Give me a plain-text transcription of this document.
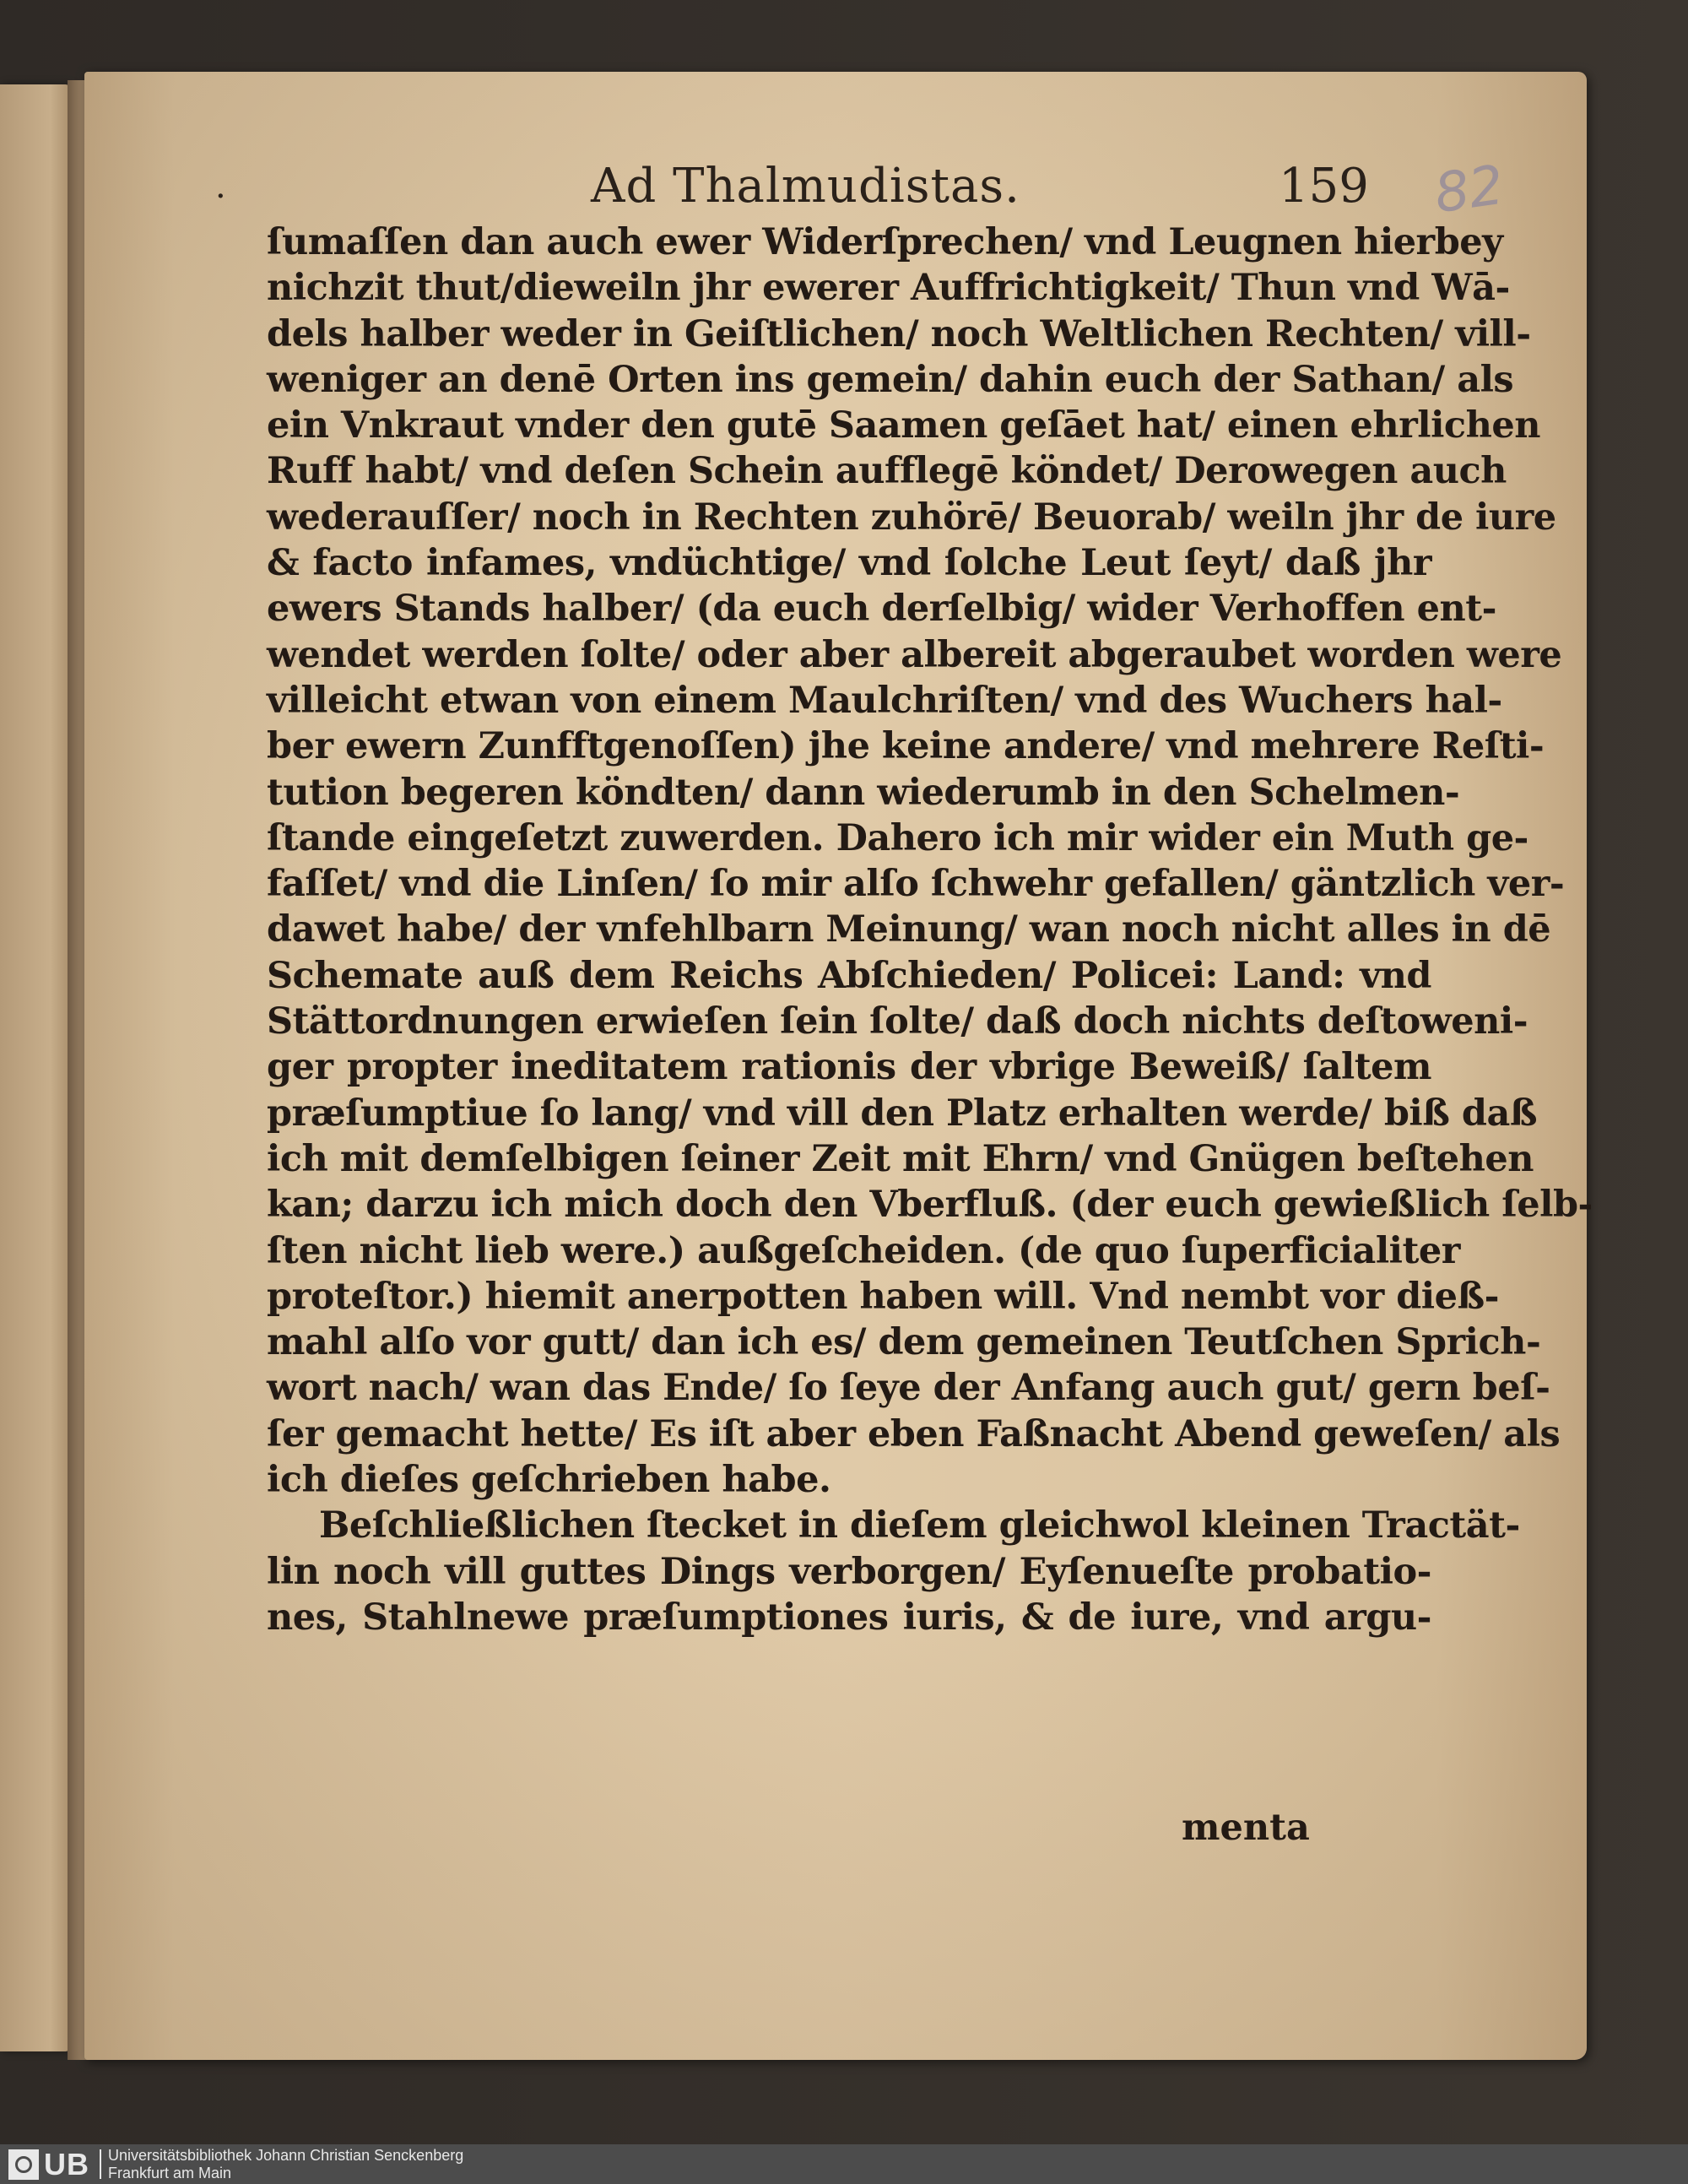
·	Ad Thalmudistas.	159 82
ſumaſſen dan auch ewer Widerſprechen/ vnd Leugnen hierbey
nichzit thut/dieweiln jhr ewerer Auffrichtigkeit/ Thun vnd Wā-
dels halber weder in Geiſtlichen/ noch Weltlichen Rechten/ vill-
weniger an denē Orten ins gemein/ dahin euch der Sathan/ als
ein Vnkraut vnder den gutē Saamen geſāet hat/ einen ehrlichen
Ruff habt/ vnd deſen Schein aufflegē köndet/ Derowegen auch
wederauſſer/ noch in Rechten zuhörē/ Beuorab/ weiln jhr de iure
& facto infames, vndüchtige/ vnd ſolche Leut ſeyt/ daß jhr
ewers Stands halber/ (da euch derſelbig/ wider Verhoffen ent-
wendet werden ſolte/ oder aber albereit abgeraubet worden were
villeicht etwan von einem Maulchriſten/ vnd des Wuchers hal-
ber ewern Zunfftgenoſſen) jhe keine andere/ vnd mehrere Reſti-
tution begeren köndten/ dann wiederumb in den Schelmen-
ſtande eingeſetzt zuwerden. Dahero ich mir wider ein Muth ge-
faſſet/ vnd die Linſen/ ſo mir alſo ſchwehr gefallen/ gäntzlich ver-
dawet habe/ der vnfehlbarn Meinung/ wan noch nicht alles in dē
Schemate auß dem Reichs Abſchieden/ Policei: Land: vnd
Stättordnungen erwieſen ſein ſolte/ daß doch nichts deſtoweni-
ger propter ineditatem rationis der vbrige Beweiß/ ſaltem
præſumptiue ſo lang/ vnd vill den Platz erhalten werde/ biß daß
ich mit demſelbigen ſeiner Zeit mit Ehrn/ vnd Gnügen beſtehen
kan; darzu ich mich doch den Vberfluß. (der euch gewießlich ſelb-
ſten nicht lieb were.) außgeſcheiden. (de quo ſuperficialiter
proteſtor.) hiemit anerpotten haben will. Vnd nembt vor dieß-
mahl alſo vor gutt/ dan ich es/ dem gemeinen Teutſchen Sprich-
wort nach/ wan das Ende/ ſo ſeye der Anfang auch gut/ gern beſ-
ſer gemacht hette/ Es iſt aber eben Faßnacht Abend geweſen/ als
ich dieſes geſchrieben habe.
Beſchließlichen ſtecket in dieſem gleichwol kleinen Tractät-
lin noch vill guttes Dings verborgen/ Eyſenueſte probatio-
nes, Stahlnewe præſumptiones iuris, & de iure, vnd argu-
menta
UB Universitätsbibliothek Johann Christian Senckenberg
Frankfurt am Main
